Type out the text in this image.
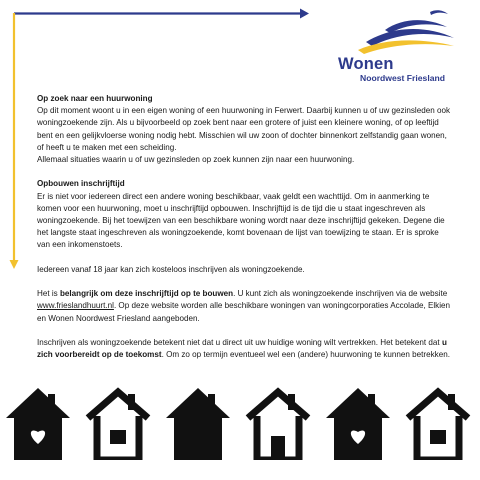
Wonen
Noordwest Friesland

Op zoek naar een huurwoning
Op dit moment woont u in een eigen woning of een huurwoning in Ferwert. Daarbij kunnen u of uw gezinsleden ook woningzoekende zijn. Als u bijvoorbeeld op zoek bent naar een grotere of juist een kleinere woning, of op leeftijd bent en een gelijkvloerse woning nodig hebt. Misschien wil uw zoon of dochter binnenkort zelfstandig gaan wonen, of heeft u te maken met een scheiding.
Allemaal situaties waarin u of uw gezinsleden op zoek kunnen zijn naar een huurwoning.

Opbouwen inschrijftijd
Er is niet voor iedereen direct een andere woning beschikbaar, vaak geldt een wachttijd. Om in aanmerking te komen voor een huurwoning, moet u inschrijftijd opbouwen. Inschrijftijd is de tijd die u staat ingeschreven als woningzoekende. Bij het toewijzen van een beschikbare woning wordt naar deze inschrijftijd gekeken. Degene die het langste staat ingeschreven als woningzoekende, komt bovenaan de lijst van toewijzing te staan. Er is sproke van een inkomenstoets.

Iedereen vanaf 18 jaar kan zich kosteloos inschrijven als woningzoekende.

Het is belangrijk om deze inschrijftijd op te bouwen. U kunt zich als woningzoekende inschrijven via de website www.frieslandhuurt.nl. Op deze website worden alle beschikbare woningen van woningcorporaties Accolade, Elkien en Wonen Noordwest Friesland aangeboden.

Inschrijven als woningzoekende betekent niet dat u direct uit uw huidige woning wilt vertrekken. Het betekent dat u zich voorbereidt op de toekomst. Om zo op termijn eventueel wel een (andere) huurwoning te kunnen betrekken.
